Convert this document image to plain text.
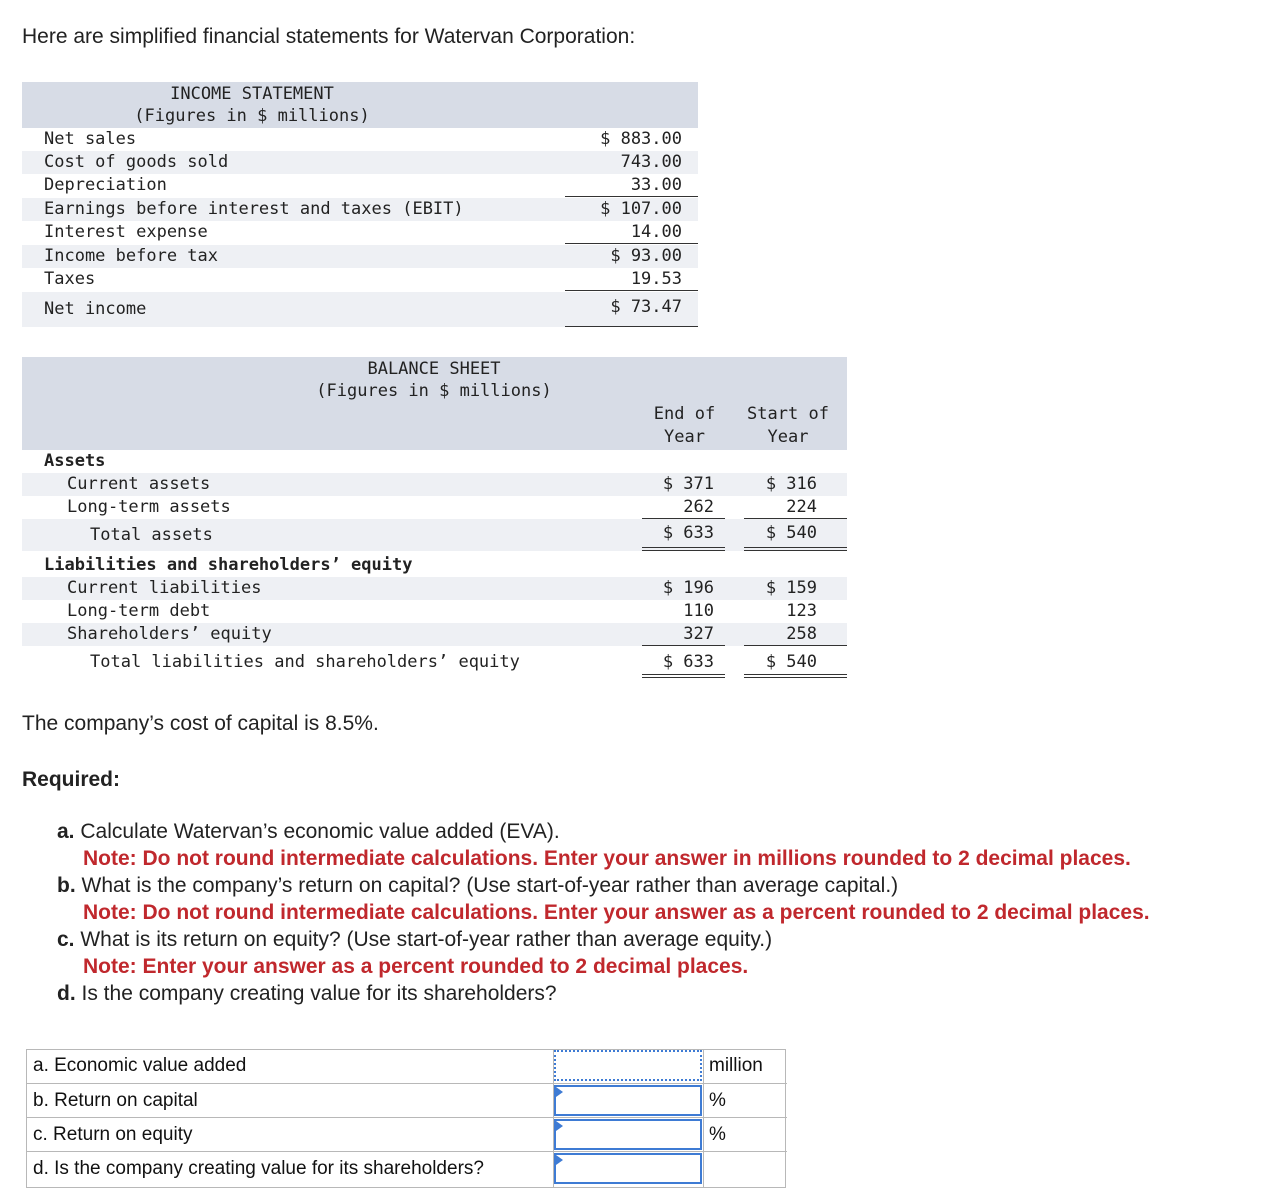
Here are simplified financial statements for Watervan Corporation:
INCOME STATEMENT
(Figures in $ millions)
Net sales	$ 883.00
Cost of goods sold	743.00
Depreciation	33.00
Earnings before interest and taxes (EBIT)	$ 107.00
Interest expense	14.00
Income before tax	$ 93.00
Taxes	19.53
Net income	$ 73.47
BALANCE SHEET
(Figures in $ millions)
End of
Year
Start of
Year
Assets
Current assets	$ 371	$ 316
Long-term assets	262	224
Total assets	$ 633	$ 540
Liabilities and shareholders’ equity
Current liabilities	$ 196	$ 159
Long-term debt	110	123
Shareholders’ equity	327	258
Total liabilities and shareholders’ equity	$ 633	$ 540
The company’s cost of capital is 8.5%.
Required:
a. Calculate Watervan’s economic value added (EVA).
Note: Do not round intermediate calculations. Enter your answer in millions rounded to 2 decimal places.
b. What is the company’s return on capital? (Use start-of-year rather than average capital.)
Note: Do not round intermediate calculations. Enter your answer as a percent rounded to 2 decimal places.
c. What is its return on equity? (Use start-of-year rather than average equity.)
Note: Enter your answer as a percent rounded to 2 decimal places.
d. Is the company creating value for its shareholders?
a. Economic value added	million
b. Return on capital	%
c. Return on equity	%
d. Is the company creating value for its shareholders?
